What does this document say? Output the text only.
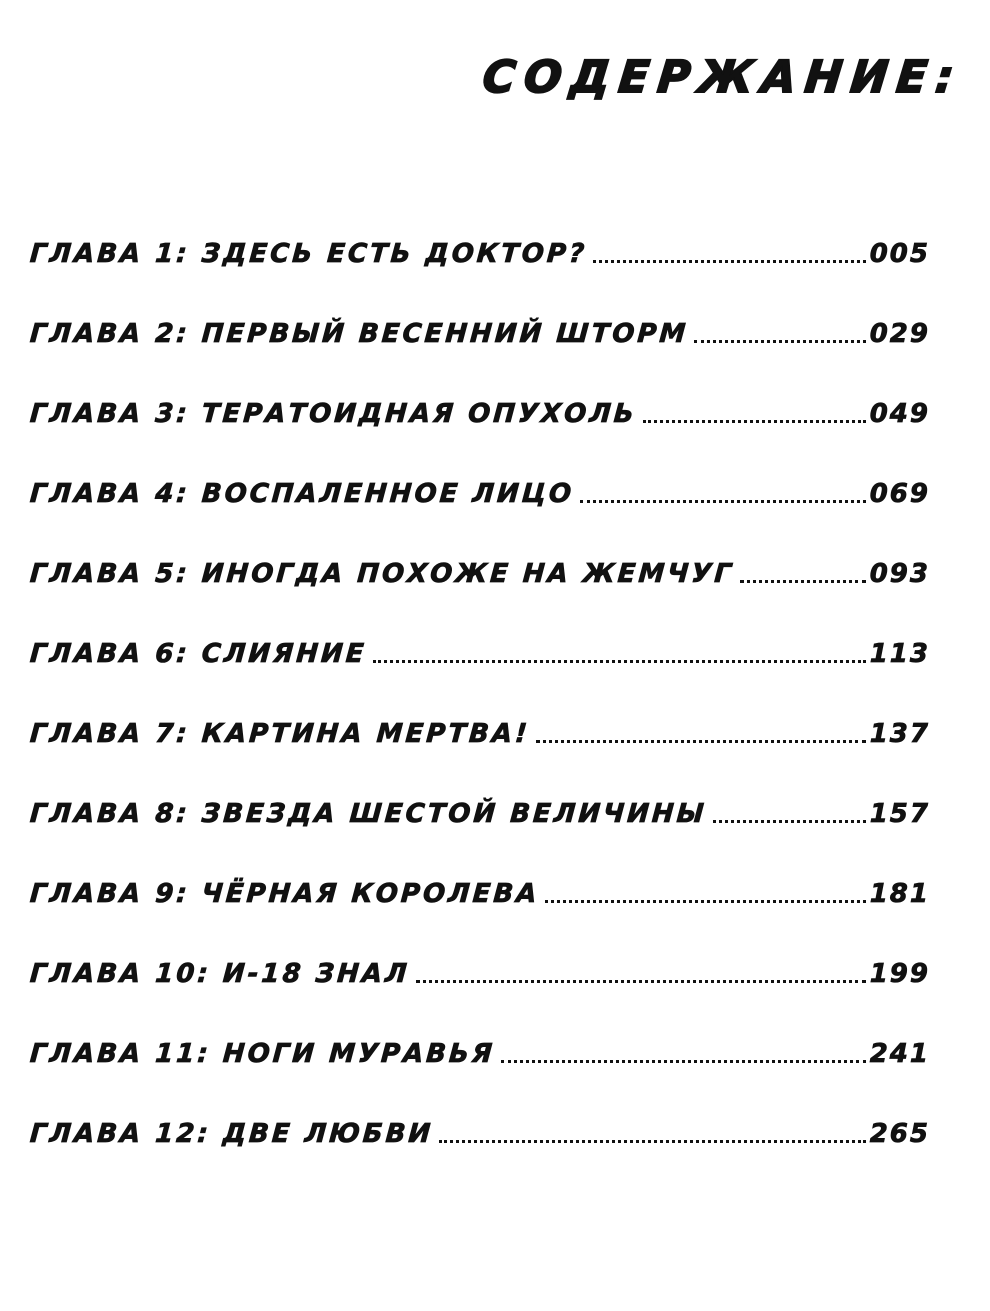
СОДЕРЖАНИЕ:
ГЛАВА 1: ЗДЕСЬ ЕСТЬ ДОКТОР?	005
ГЛАВА 2: ПЕРВЫЙ ВЕСЕННИЙ ШТОРМ	029
ГЛАВА 3: ТЕРАТОИДНАЯ ОПУХОЛЬ	049
ГЛАВА 4: ВОСПАЛЕННОЕ ЛИЦО	069
ГЛАВА 5: ИНОГДА ПОХОЖЕ НА ЖЕМЧУГ	093
ГЛАВА 6: СЛИЯНИЕ	113
ГЛАВА 7: КАРТИНА МЕРТВА!	137
ГЛАВА 8: ЗВЕЗДА ШЕСТОЙ ВЕЛИЧИНЫ	157
ГЛАВА 9: ЧЁРНАЯ КОРОЛЕВА	181
ГЛАВА 10: И-18 ЗНАЛ	199
ГЛАВА 11: НОГИ МУРАВЬЯ	241
ГЛАВА 12: ДВЕ ЛЮБВИ	265
